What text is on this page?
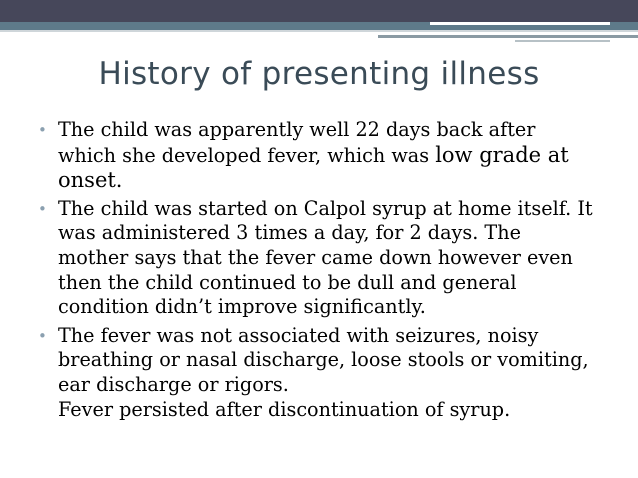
History of presenting illness
• The child was apparently well 22 days back after
which she developed fever, which was low grade at
onset.
• The child was started on Calpol syrup at home itself. It
was administered 3 times a day, for 2 days. The
mother says that the fever came down however even
then the child continued to be dull and general
condition didn’t improve significantly.
• The fever was not associated with seizures, noisy
breathing or nasal discharge, loose stools or vomiting,
ear discharge or rigors.
Fever persisted after discontinuation of syrup.
